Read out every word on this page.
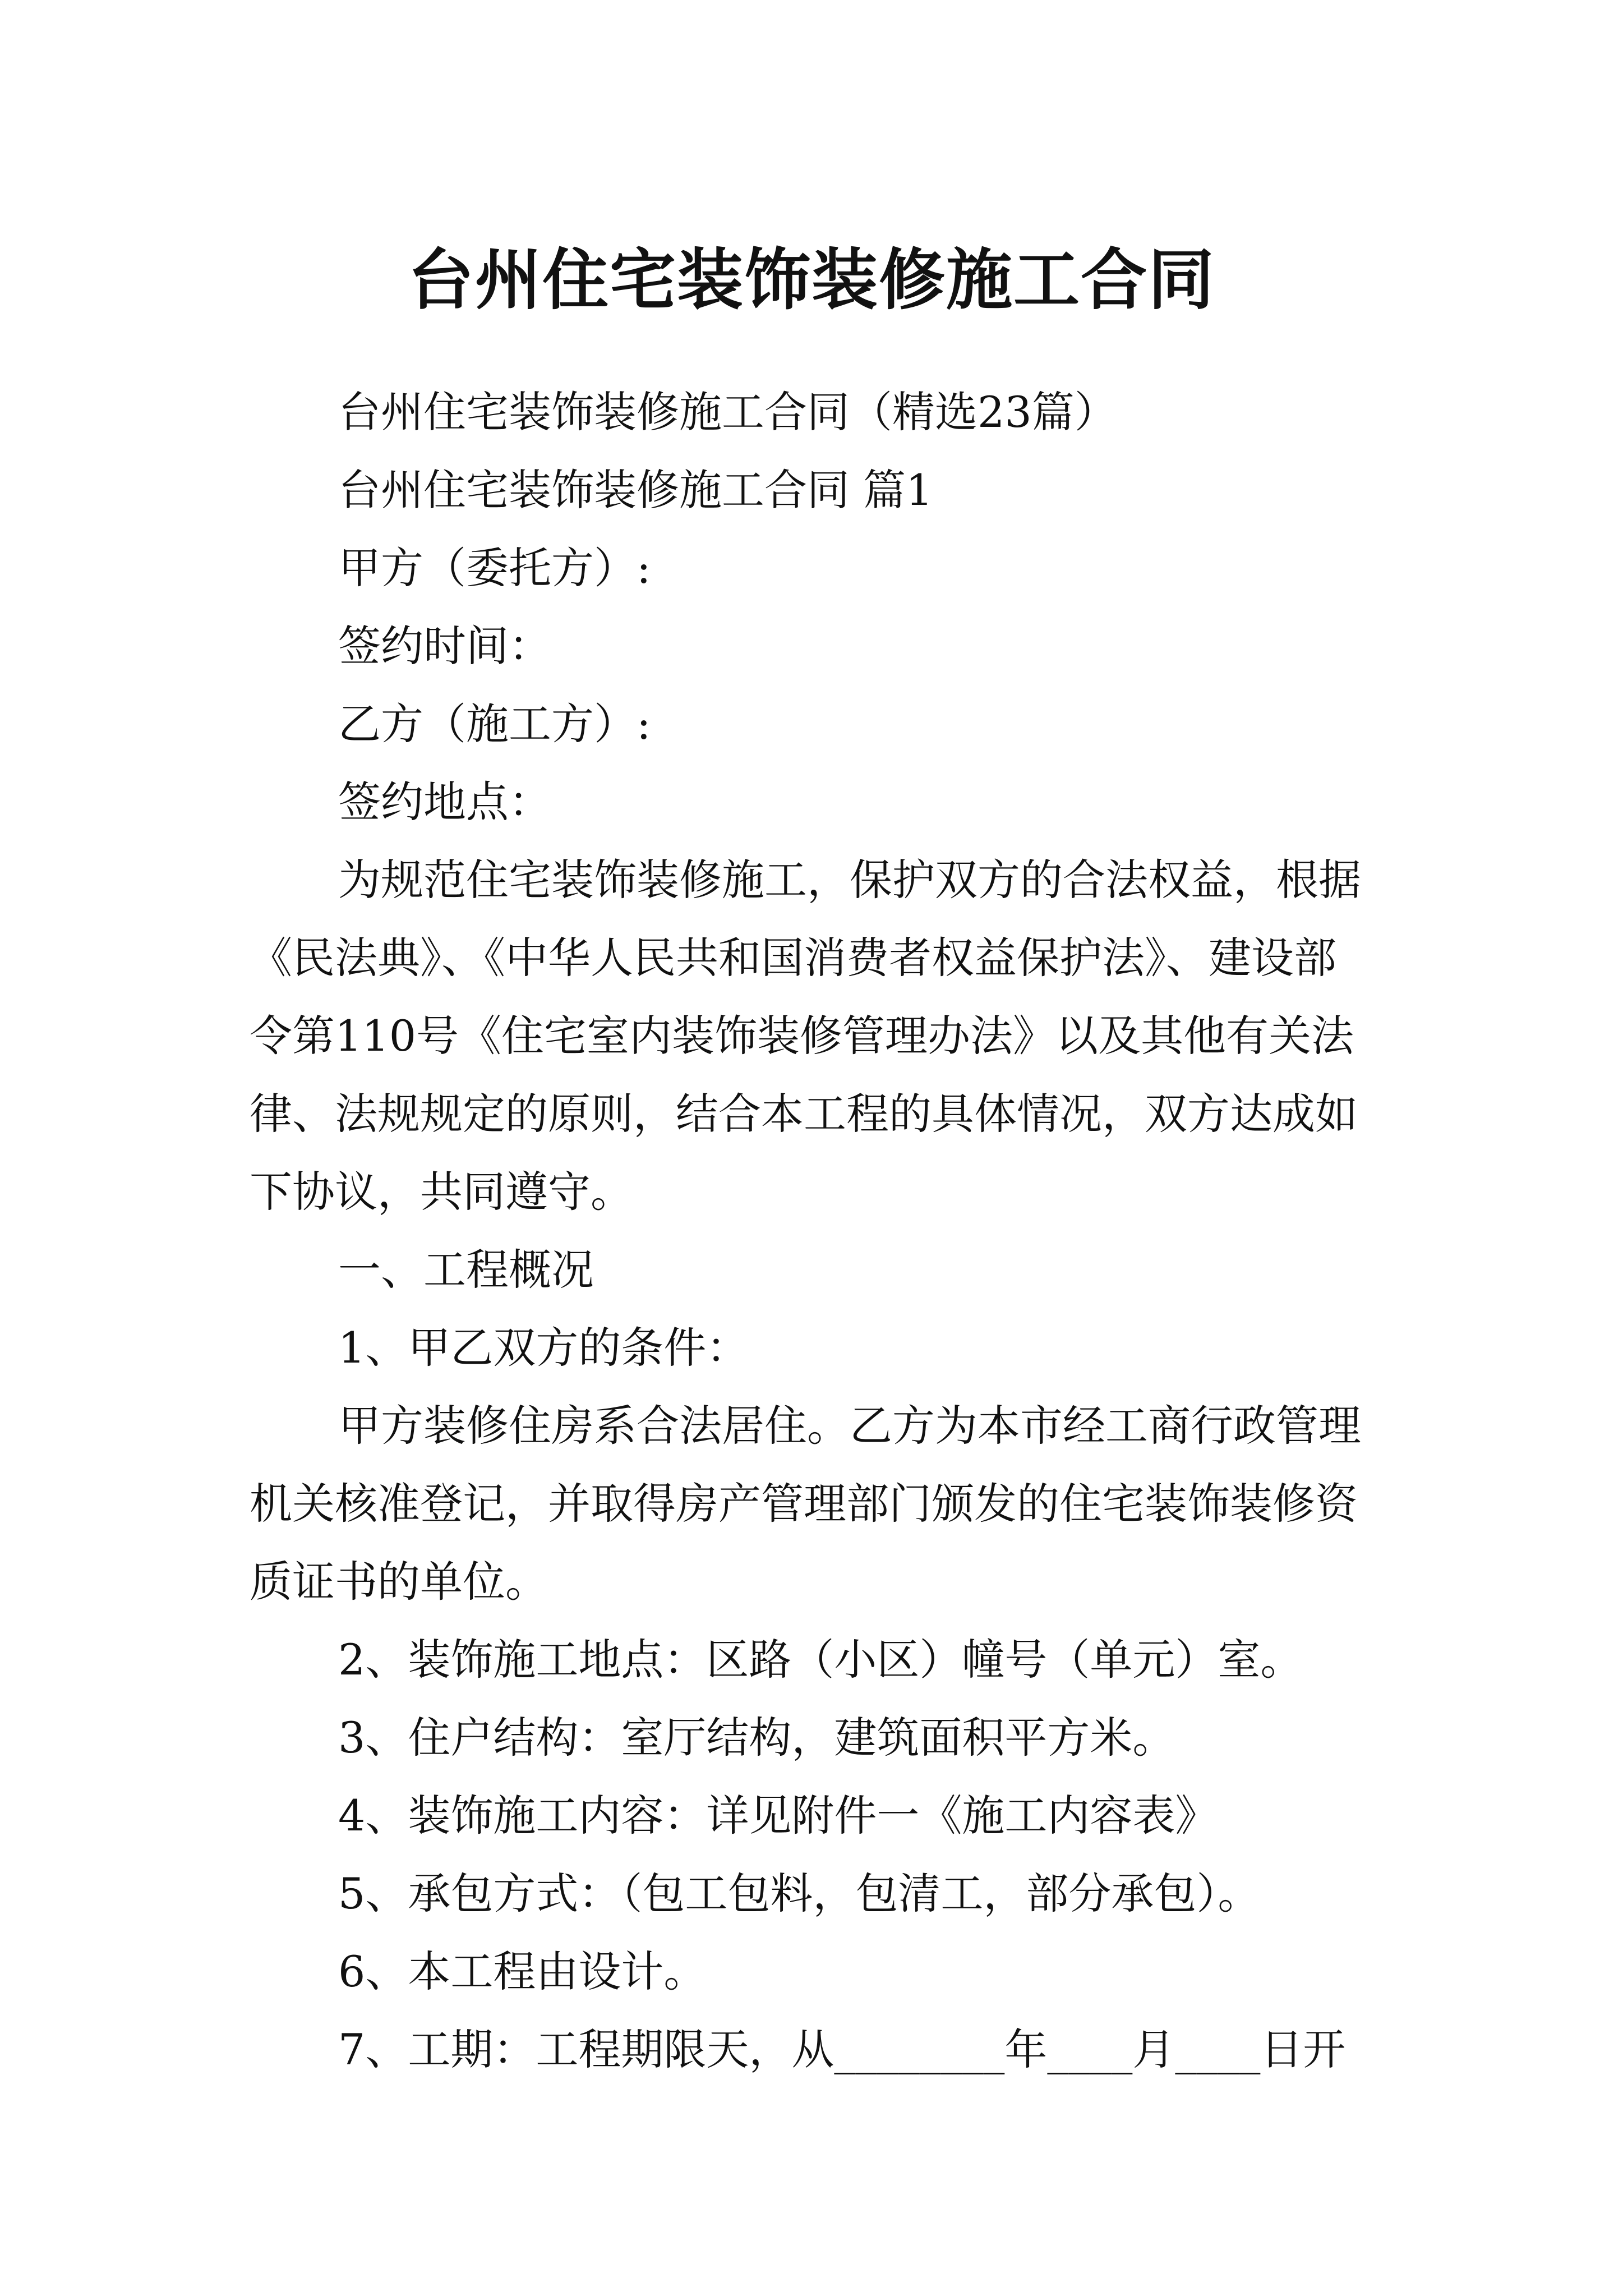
台州住宅装饰装修施工合同

台州住宅装饰装修施工合同（精选23篇）

台州住宅装饰装修施工合同 篇1

甲方（委托方）:

签约时间：

乙方（施工方）:

签约地点：

为规范住宅装饰装修施工，保护双方的合法权益，根据《民法典》、《中华人民共和国消费者权益保护法》、建设部令第110号《住宅室内装饰装修管理办法》以及其他有关法律、法规规定的原则，结合本工程的具体情况，双方达成如下协议，共同遵守。

一、工程概况

1、甲乙双方的条件：

甲方装修住房系合法居住。乙方为本市经工商行政管理机关核准登记，并取得房产管理部门颁发的住宅装饰装修资质证书的单位。

2、装饰施工地点：区路（小区）幢号（单元）室。

3、住户结构：室厅结构，建筑面积平方米。

4、装饰施工内容：详见附件一《施工内容表》

5、承包方式：（包工包料，包清工，部分承包）。

6、本工程由设计。

7、工期：工程期限天，从________年____月____日开
